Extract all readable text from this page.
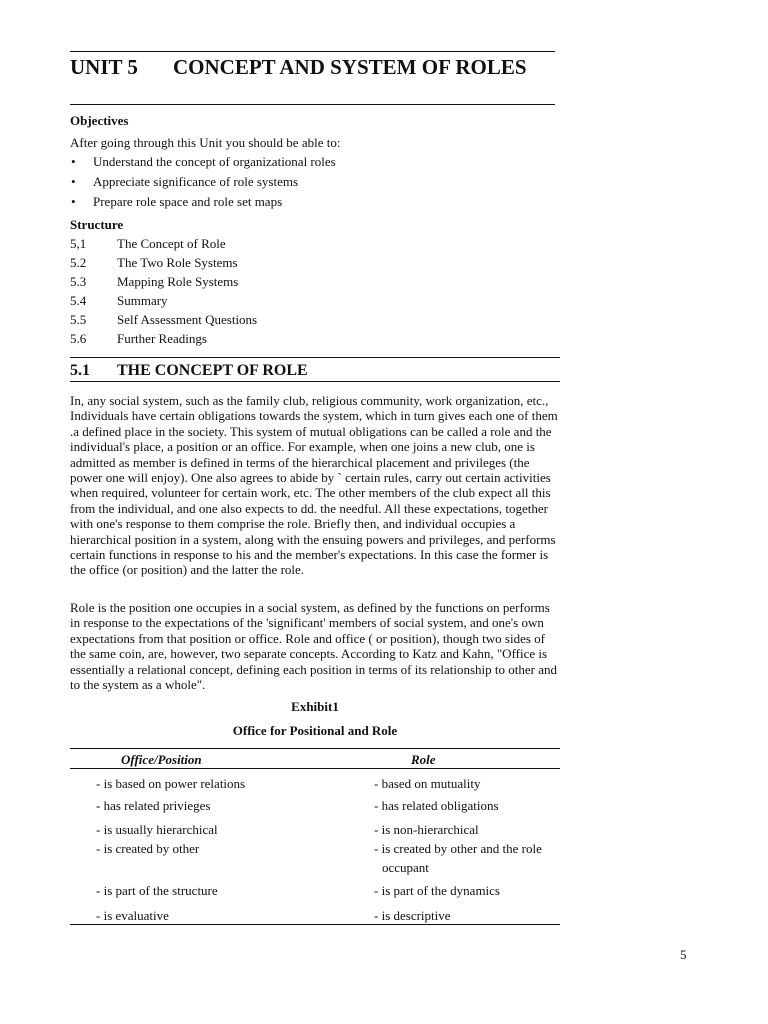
UNIT 5 CONCEPT AND SYSTEM OF ROLES
Objectives
After going through this Unit you should be able to:
• Understand the concept of organizational roles
• Appreciate significance of role systems
• Prepare role space and role set maps
Structure
5,1 The Concept of Role
5.2 The Two Role Systems
5.3 Mapping Role Systems
5.4 Summary
5.5 Self Assessment Questions
5.6 Further Readings
5.1 THE CONCEPT OF ROLE

In, any social system, such as the family club, religious community, work organization, etc., Individuals have certain obligations towards the system, which in turn gives each one of them .a defined place in the society. This system of mutual obligations can be called a role and the individual's place, a position or an office. For example, when one joins a new club, one is admitted as member is defined in terms of the hierarchical placement and privileges (the power one will enjoy). One also agrees to abide by ` certain rules, carry out certain activities when required, volunteer for certain work, etc. The other members of the club expect all this from the individual, and one also expects to dd. the needful. All these expectations, together with one's response to them comprise the role. Briefly then, and individual occupies a hierarchical position in a system, along with the ensuing powers and privileges, and performs certain functions in response to his and the member's expectations. In this case the former is the office (or position) and the latter the role.

Role is the position one occupies in a social system, as defined by the functions on performs in response to the expectations of the 'significant' members of social system, and one's own expectations from that position or office. Role and office ( or position), though two sides of the same coin, are, however, two separate concepts. According to Katz and Kahn, "Office is essentially a relational concept, defining each position in terms of its relationship to other and to the system as a whole".

Exhibit1
Office for Positional and Role
Office/Position	Role
- is based on power relations	- based on mutuality
- has related privieges	- has related obligations
- is usually hierarchical	- is non-hierarchical
- is created by other	- is created by other and the role
occupant
- is part of the structure	- is part of the dynamics
- is evaluative	- is descriptive
5
